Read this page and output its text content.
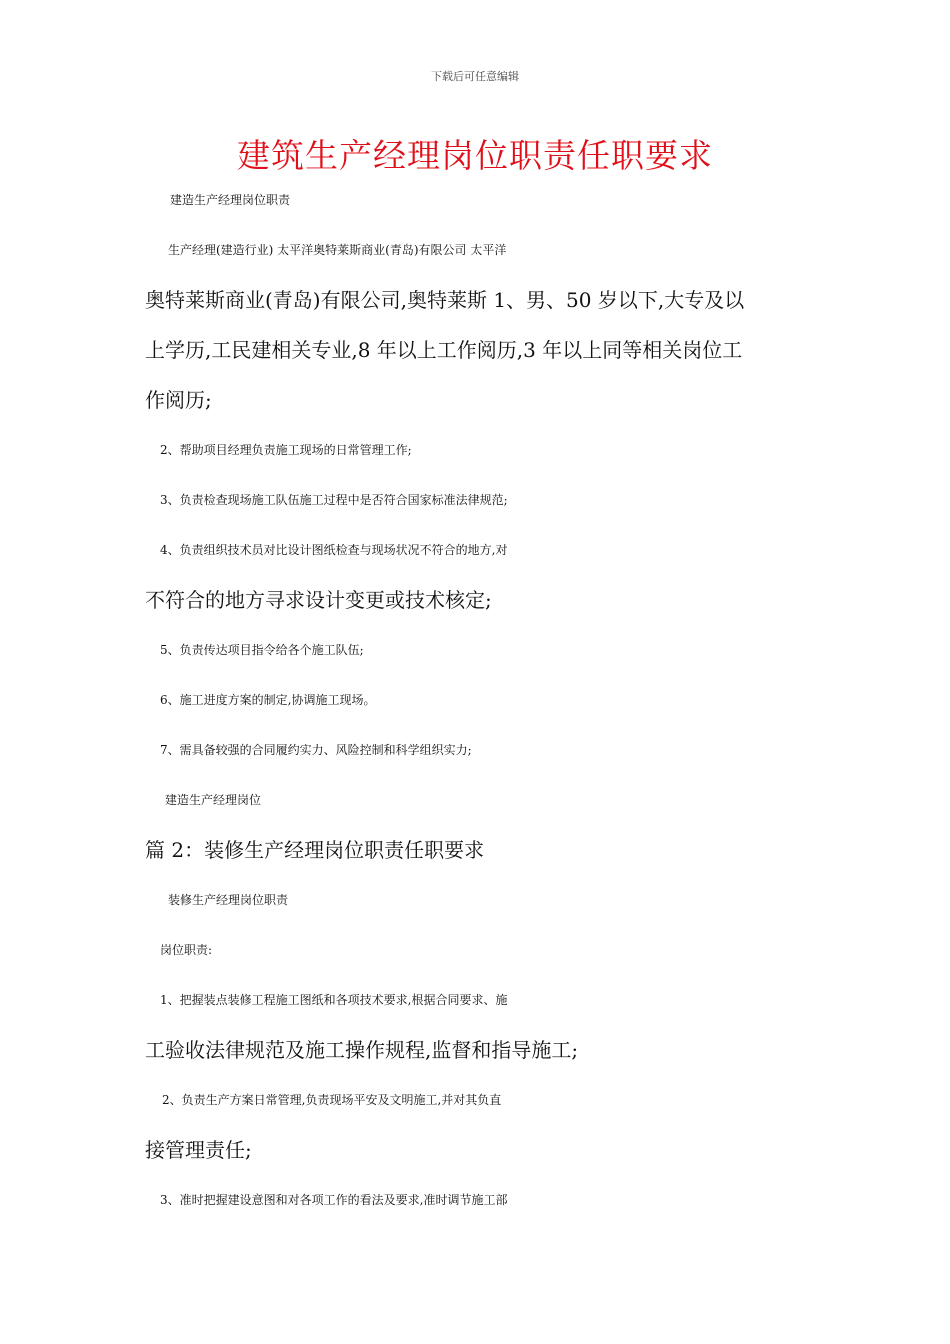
下载后可任意编辑
建筑生产经理岗位职责任职要求
建造生产经理岗位职责
生产经理(建造行业) 太平洋奥特莱斯商业(青岛)有限公司 太平洋
奥特莱斯商业(青岛)有限公司,奥特莱斯 1、男、50 岁以下,大专及以
上学历,工民建相关专业,8 年以上工作阅历,3 年以上同等相关岗位工
作阅历;
2、帮助项目经理负责施工现场的日常管理工作;
3、负责检查现场施工队伍施工过程中是否符合国家标准法律规范;
4、负责组织技术员对比设计图纸检查与现场状况不符合的地方,对
不符合的地方寻求设计变更或技术核定;
5、负责传达项目指令给各个施工队伍;
6、施工进度方案的制定,协调施工现场。
7、需具备较强的合同履约实力、风险控制和科学组织实力;
建造生产经理岗位
篇 2：装修生产经理岗位职责任职要求
装修生产经理岗位职责
岗位职责:
1、把握装点装修工程施工图纸和各项技术要求,根据合同要求、施
工验收法律规范及施工操作规程,监督和指导施工;
2、负责生产方案日常管理,负责现场平安及文明施工,并对其负直
接管理责任;
3、准时把握建设意图和对各项工作的看法及要求,准时调节施工部
